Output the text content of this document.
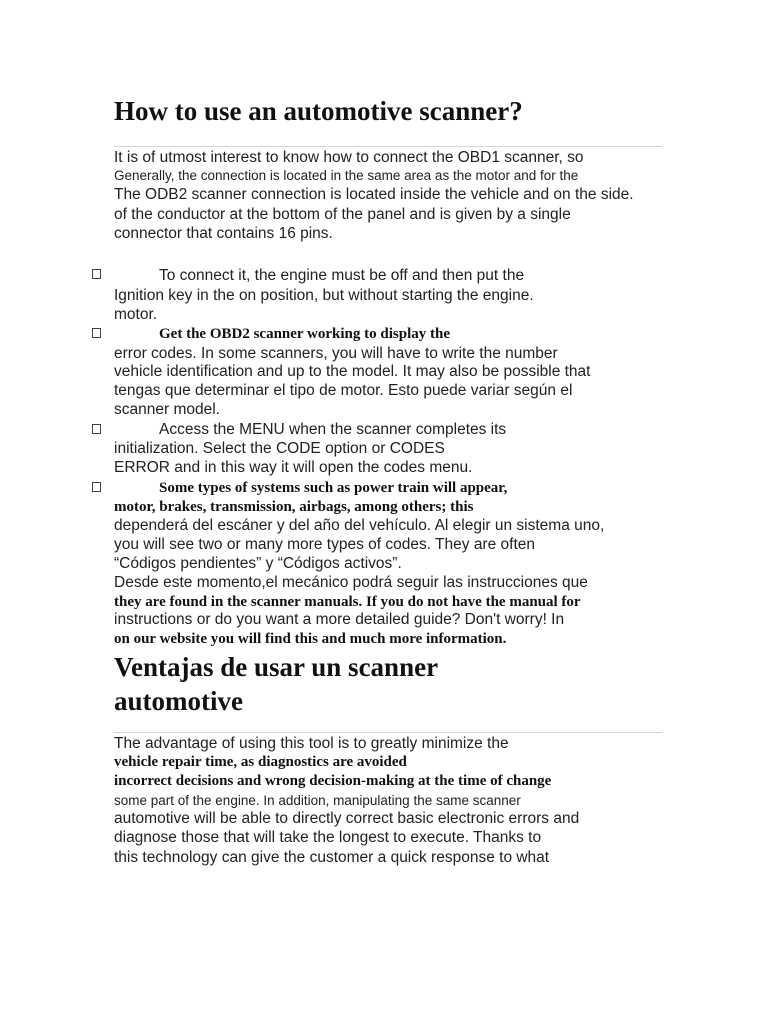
How to use an automotive scanner?
It is of utmost interest to know how to connect the OBD1 scanner, so
Generally, the connection is located in the same area as the motor and for the
The ODB2 scanner connection is located inside the vehicle and on the side.
of the conductor at the bottom of the panel and is given by a single
connector that contains 16 pins.
To connect it, the engine must be off and then put the
Ignition key in the on position, but without starting the engine.
motor.
Get the OBD2 scanner working to display the
error codes. In some scanners, you will have to write the number
vehicle identification and up to the model. It may also be possible that
tengas que determinar el tipo de motor. Esto puede variar según el
scanner model.
Access the MENU when the scanner completes its
initialization. Select the CODE option or CODES
ERROR and in this way it will open the codes menu.
Some types of systems such as power train will appear,
motor, brakes, transmission, airbags, among others; this
dependerá del escáner y del año del vehículo. Al elegir un sistema uno,
you will see two or many more types of codes. They are often
“Códigos pendientes” y “Códigos activos”.
Desde este momento,el mecánico podrá seguir las instrucciones que
they are found in the scanner manuals. If you do not have the manual for
instructions or do you want a more detailed guide? Don't worry! In
on our website you will find this and much more information.
Ventajas de usar un scanner
automotive
The advantage of using this tool is to greatly minimize the
vehicle repair time, as diagnostics are avoided
incorrect decisions and wrong decision-making at the time of change
some part of the engine. In addition, manipulating the same scanner
automotive will be able to directly correct basic electronic errors and
diagnose those that will take the longest to execute. Thanks to
this technology can give the customer a quick response to what
